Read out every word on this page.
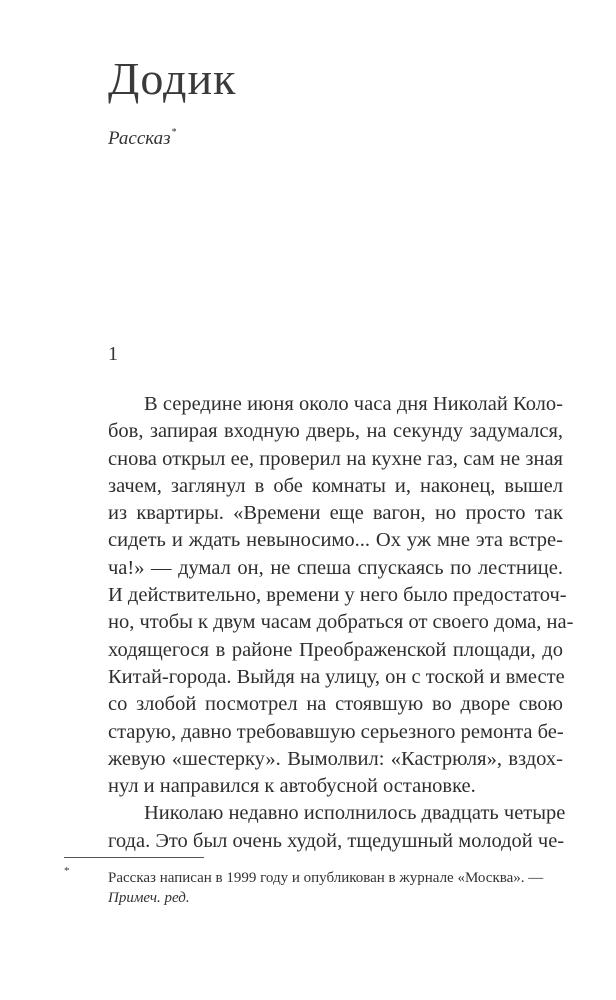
Додик
Рассказ*
1
В середине июня около часа дня Николай Коло-
бов, запирая входную дверь, на секунду задумался,
снова открыл ее, проверил на кухне газ, сам не зная
зачем, заглянул в обе комнаты и, наконец, вышел
из квартиры. «Времени еще вагон, но просто так
сидеть и ждать невыносимо... Ох уж мне эта встре-
ча!» — думал он, не спеша спускаясь по лестнице.
И действительно, времени у него было предостаточ-
но, чтобы к двум часам добраться от своего дома, на-
ходящегося в районе Преображенской площади, до
Китай-города. Выйдя на улицу, он с тоской и вместе
со злобой посмотрел на стоявшую во дворе свою
старую, давно требовавшую серьезного ремонта бе-
жевую «шестерку». Вымолвил: «Кастрюля», вздох-
нул и направился к автобусной остановке.
Николаю недавно исполнилось двадцать четыре
года. Это был очень худой, тщедушный молодой че-
*	Рассказ написан в 1999 году и опубликован в журнале «Москва». —
Примеч. ред.
